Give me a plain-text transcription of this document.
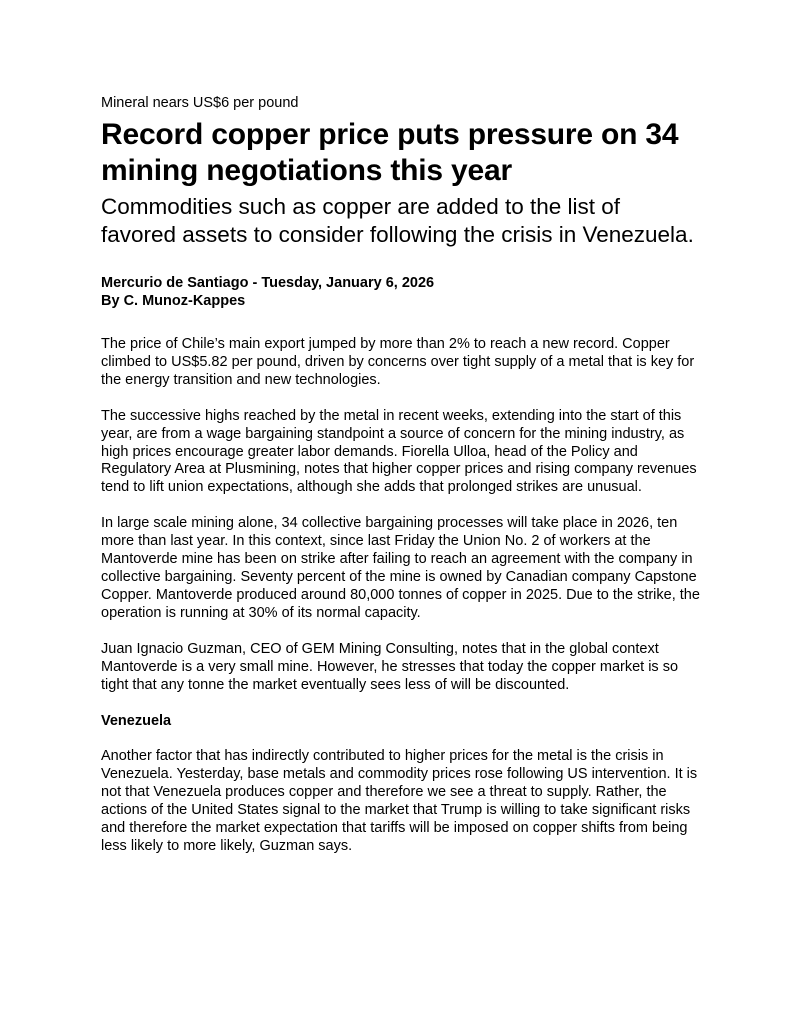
Mineral nears US$6 per pound
Record copper price puts pressure on 34 mining negotiations this year
Commodities such as copper are added to the list of favored assets to consider following the crisis in Venezuela.
Mercurio de Santiago - Tuesday, January 6, 2026
By C. Munoz-Kappes

The price of Chile’s main export jumped by more than 2% to reach a new record. Copper climbed to US$5.82 per pound, driven by concerns over tight supply of a metal that is key for the energy transition and new technologies.

The successive highs reached by the metal in recent weeks, extending into the start of this year, are from a wage bargaining standpoint a source of concern for the mining industry, as high prices encourage greater labor demands. Fiorella Ulloa, head of the Policy and Regulatory Area at Plusmining, notes that higher copper prices and rising company revenues tend to lift union expectations, although she adds that prolonged strikes are unusual.

In large scale mining alone, 34 collective bargaining processes will take place in 2026, ten more than last year. In this context, since last Friday the Union No. 2 of workers at the Mantoverde mine has been on strike after failing to reach an agreement with the company in collective bargaining. Seventy percent of the mine is owned by Canadian company Capstone Copper. Mantoverde produced around 80,000 tonnes of copper in 2025. Due to the strike, the operation is running at 30% of its normal capacity.

Juan Ignacio Guzman, CEO of GEM Mining Consulting, notes that in the global context Mantoverde is a very small mine. However, he stresses that today the copper market is so tight that any tonne the market eventually sees less of will be discounted.

Venezuela

Another factor that has indirectly contributed to higher prices for the metal is the crisis in Venezuela. Yesterday, base metals and commodity prices rose following US intervention. It is not that Venezuela produces copper and therefore we see a threat to supply. Rather, the actions of the United States signal to the market that Trump is willing to take significant risks and therefore the market expectation that tariffs will be imposed on copper shifts from being less likely to more likely, Guzman says.
